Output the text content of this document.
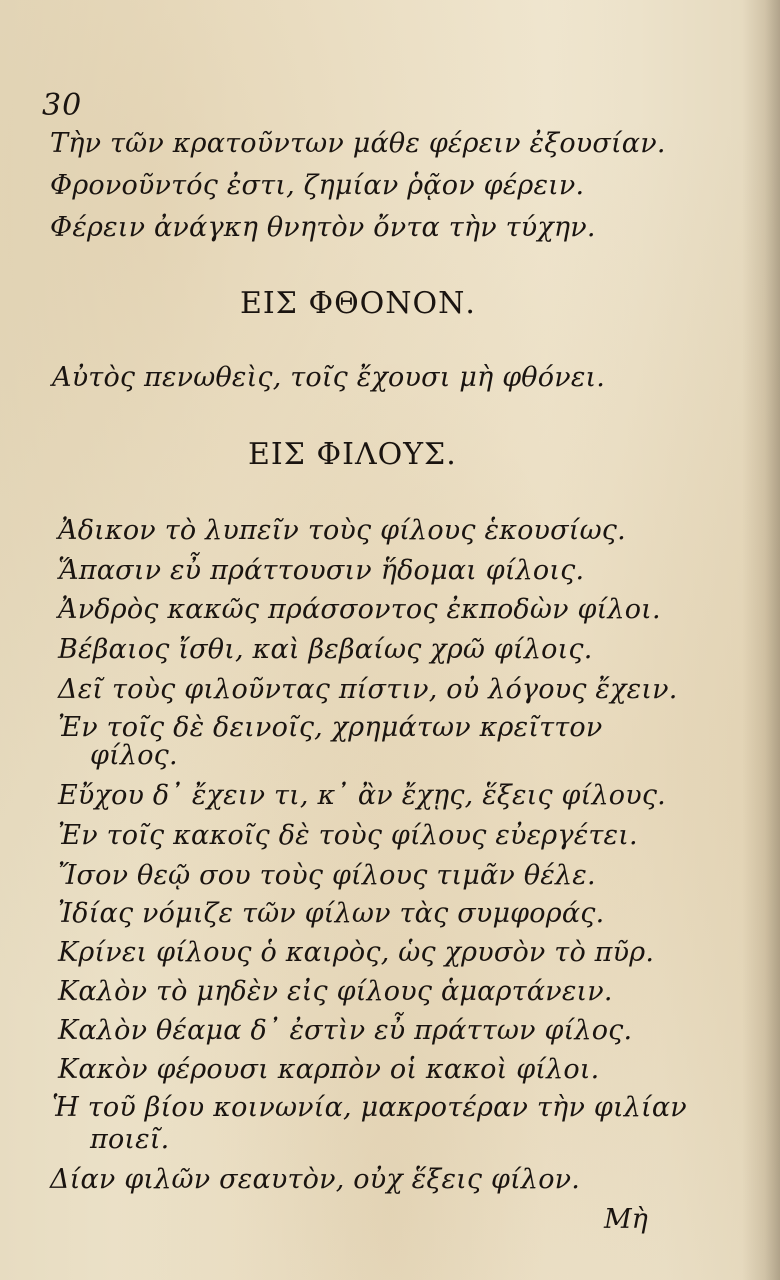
30
Τὴν τῶν κρατοῦντων μάθε φέρειν ἐξουσίαν.
Φρονοῦντός ἐστι, ζημίαν ῥᾷον φέρειν.
Φέρειν ἀνάγκη θνητὸν ὄντα τὴν τύχην.
ΕΙΣ ΦΘΟΝΟΝ.
Αὐτὸς πενωθεὶς, τοῖς ἔχουσι μὴ φθόνει.
ΕΙΣ ΦΙΛΟΥΣ.
Ἀδικον τὸ λυπεῖν τοὺς φίλους ἑκουσίως.
Ἅπασιν εὖ πράττουσιν ἥδομαι φίλοις.
Ἀνδρὸς κακῶς πράσσοντος ἐκποδὼν φίλοι.
Βέβαιος ἴσθι, καὶ βεβαίως χρῶ φίλοις.
Δεῖ τοὺς φιλοῦντας πίστιν, οὐ λόγους ἔχειν.
Ἐν τοῖς δὲ δεινοῖς, χρημάτων κρεῖττον
φίλος.
Εὔχου δ᾽ ἔχειν τι, κ᾽ ἂν ἔχῃς, ἕξεις φίλους.
Ἐν τοῖς κακοῖς δὲ τοὺς φίλους εὐεργέτει.
Ἴσον θεῷ σου τοὺς φίλους τιμᾶν θέλε.
Ἰδίας νόμιζε τῶν φίλων τὰς συμφοράς.
Κρίνει φίλους ὁ καιρὸς, ὡς χρυσὸν τὸ πῦρ.
Καλὸν τὸ μηδὲν εἰς φίλους ἁμαρτάνειν.
Καλὸν θέαμα δ᾽ ἐστὶν εὖ πράττων φίλος.
Κακὸν φέρουσι καρπὸν οἱ κακοὶ φίλοι.
Ἡ τοῦ βίου κοινωνία, μακροτέραν τὴν φιλίαν
ποιεῖ.
Δίαν φιλῶν σεαυτὸν, οὐχ ἕξεις φίλον.
Μὴ
